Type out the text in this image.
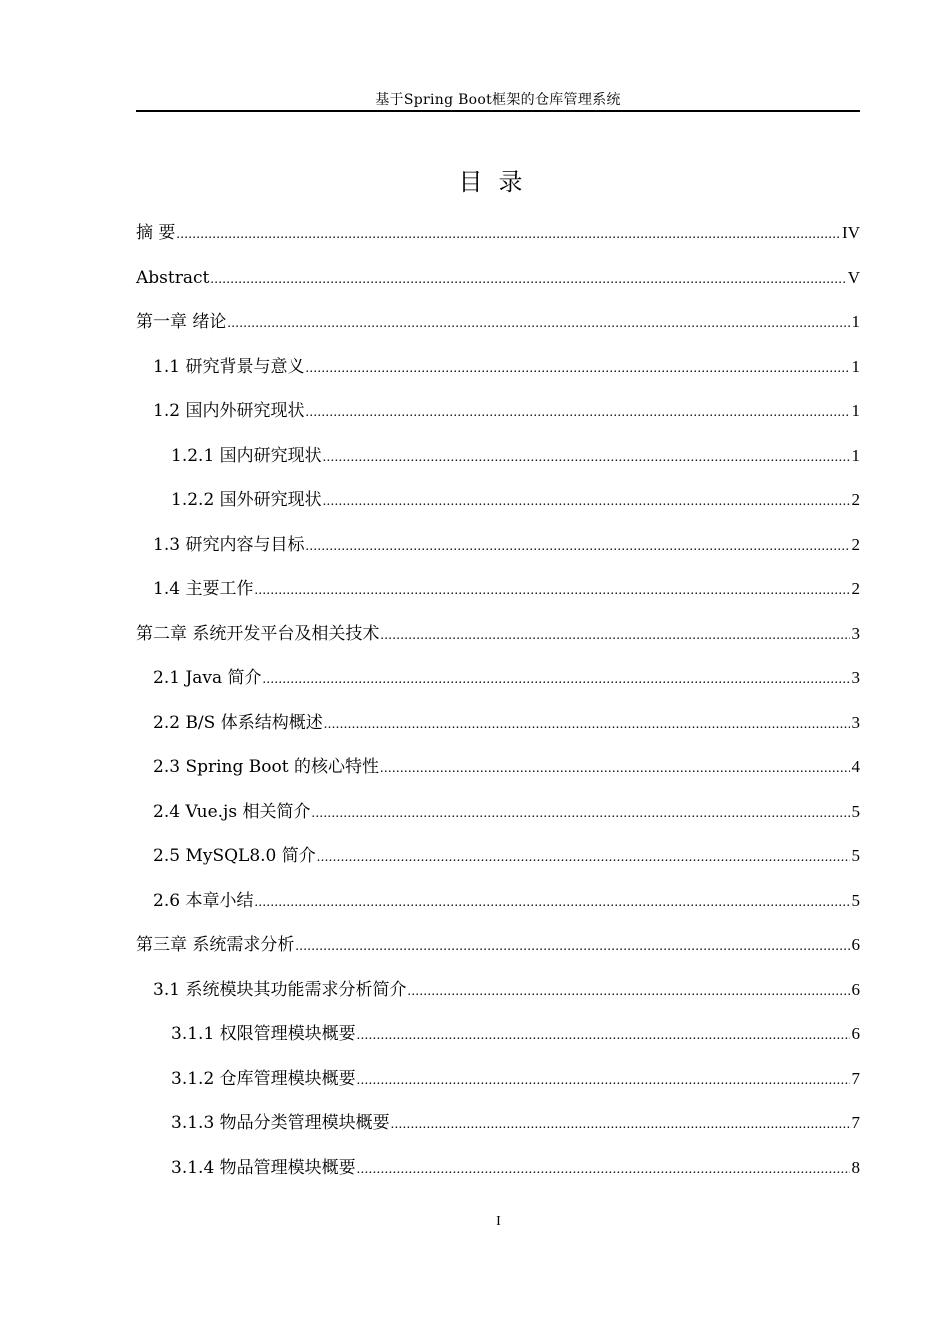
基于Spring Boot框架的仓库管理系统
目录
摘 要 .....	IV
Abstract .....	V
第一章 绪论 .....	1
1.1 研究背景与意义 .....	1
1.2 国内外研究现状 .....	1
1.2.1 国内研究现状 .....	1
1.2.2 国外研究现状 .....	2
1.3 研究内容与目标 .....	2
1.4 主要工作 .....	2
第二章 系统开发平台及相关技术 .....	3
2.1 Java 简介 .....	3
2.2 B/S 体系结构概述 .....	3
2.3 Spring Boot 的核心特性 .....	4
2.4 Vue.js 相关简介 .....	5
2.5 MySQL8.0 简介 .....	5
2.6 本章小结 .....	5
第三章 系统需求分析 .....	6
3.1 系统模块其功能需求分析简介 .....	6
3.1.1 权限管理模块概要 .....	6
3.1.2 仓库管理模块概要 .....	7
3.1.3 物品分类管理模块概要 .....	7
3.1.4 物品管理模块概要 .....	8
I
